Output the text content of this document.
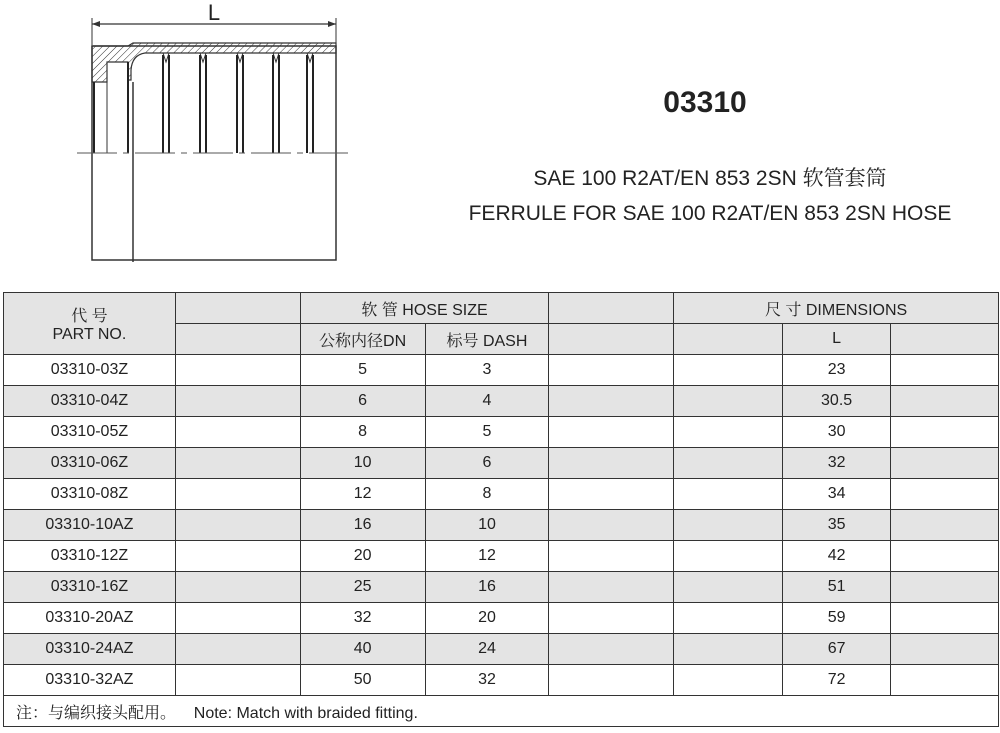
L
03310
SAE 100 R2AT/EN 853 2SN 软管套筒
FERRULE FOR SAE 100 R2AT/EN 853 2SN HOSE
代 号
PART NO.		软 管 HOSE SIZE			尺 寸 DIMENSIONS		
		公称内径DN	标号 DASH			L	
03310-03Z		5	3			23	
03310-04Z		6	4			30.5	
03310-05Z		8	5			30	
03310-06Z		10	6			32	
03310-08Z		12	8			34	
03310-10AZ		16	10			35	
03310-12Z		20	12			42	
03310-16Z		25	16			51	
03310-20AZ		32	20			59	
03310-24AZ		40	24			67	
03310-32AZ		50	32			72	
注：与编织接头配用。    Note: Match with braided fitting.							
